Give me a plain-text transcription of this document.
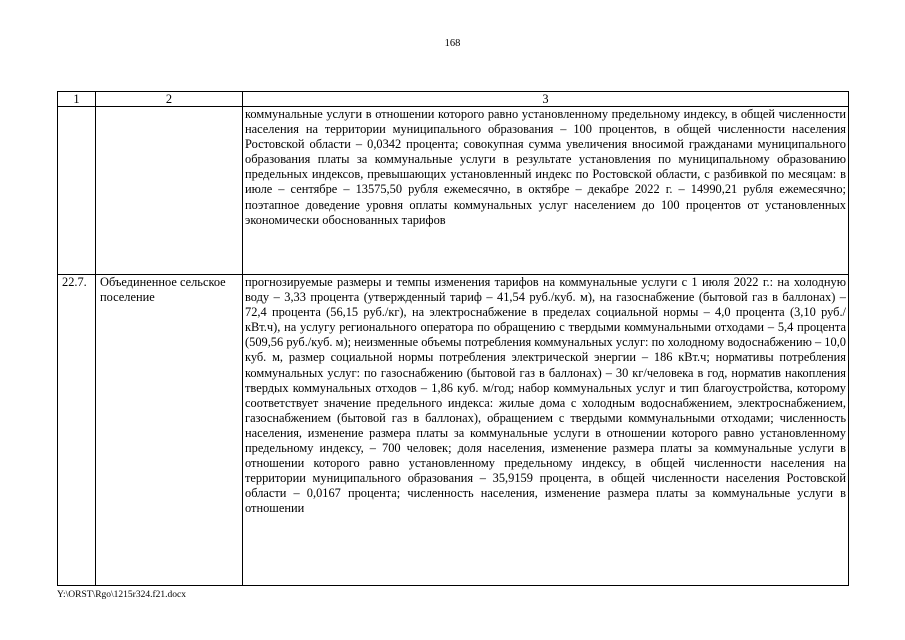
168
1	2	3

		коммунальные услуги в отношении которого равно установленному предельному индексу, в общей численности населения на территории муниципального образования – 100 процентов, в общей численности населения Ростовской области – 0,0342 процента; совокупная сумма увеличения вносимой гражданами муниципального образования платы за коммунальные услуги в результате установления по муниципальному образованию предельных индексов, превышающих установленный индекс по Ростовской области, с разбивкой по месяцам: в июле – сентябре – 13575,50 рубля ежемесячно, в октябре – декабре 2022 г. – 14990,21 рубля ежемесячно; поэтапное доведение уровня оплаты коммунальных услуг населением до 100 процентов от установленных экономически обоснованных тарифов

22.7.	Объединенное сельское поселение	прогнозируемые размеры и темпы изменения тарифов на коммунальные услуги с 1 июля 2022 г.: на холодную воду – 3,33 процента (утвержденный тариф – 41,54 руб./куб. м), на газоснабжение (бытовой газ в баллонах) – 72,4 процента (56,15 руб./кг), на электроснабжение в пределах социальной нормы – 4,0 процента (3,10 руб./кВт.ч), на услугу регионального оператора по обращению с твердыми коммунальными отходами – 5,4 процента (509,56 руб./куб. м); неизменные объемы потребления коммунальных услуг: по холодному водоснабжению – 10,0 куб. м, размер социальной нормы потребления электрической энергии – 186 кВт.ч; нормативы потребления коммунальных услуг: по газоснабжению (бытовой газ в баллонах) – 30 кг/человека в год, норматив накопления твердых коммунальных отходов – 1,86 куб. м/год; набор коммунальных услуг и тип благоустройства, которому соответствует значение предельного индекса: жилые дома с холодным водоснабжением, электроснабжением, газоснабжением (бытовой газ в баллонах), обращением с твердыми коммунальными отходами; численность населения, изменение размера платы за коммунальные услуги в отношении которого равно установленному предельному индексу, – 700 человек; доля населения, изменение размера платы за коммунальные услуги в отношении которого равно установленному предельному индексу, в общей численности населения на территории муниципального образования – 35,9159 процента, в общей численности населения Ростовской области – 0,0167 процента; численность населения, изменение размера платы за коммунальные услуги в отношении
Y:\ORST\Rgo\1215r324.f21.docx
